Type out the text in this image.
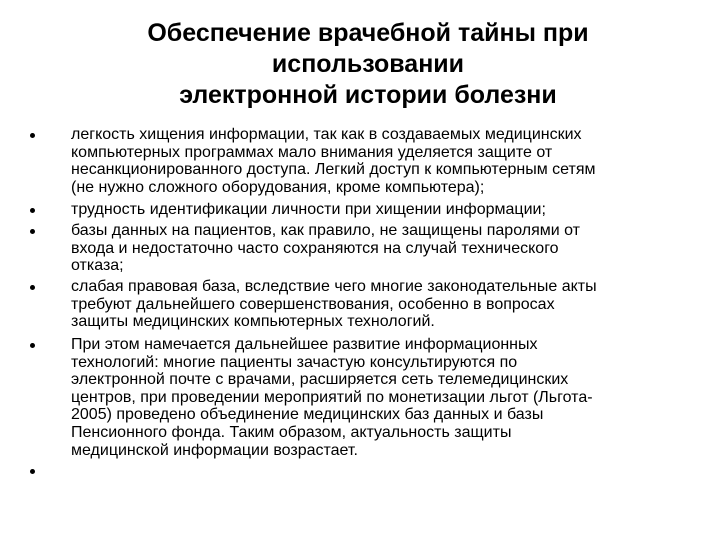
Обеспечение врачебной тайны при
использовании
электронной истории болезни
легкость хищения информации, так как в создаваемых медицинских
компьютерных программах мало внимания уделяется защите от
несанкционированного доступа. Легкий доступ к компьютерным сетям
(не нужно сложного оборудования, кроме компьютера);
трудность идентификации личности при хищении информации;
базы данных на пациентов, как правило, не защищены паролями от
входа и недостаточно часто сохраняются на случай технического
отказа;
слабая правовая база, вследствие чего многие законодательные акты
требуют дальнейшего совершенствования, особенно в вопросах
защиты медицинских компьютерных технологий.
При этом намечается дальнейшее развитие информационных
технологий: многие пациенты зачастую консультируются по
электронной почте с врачами, расширяется сеть телемедицинских
центров, при проведении мероприятий по монетизации льгот (Льгота-
2005) проведено объединение медицинских баз данных и базы
Пенсионного фонда. Таким образом, актуальность защиты
медицинской информации возрастает.
